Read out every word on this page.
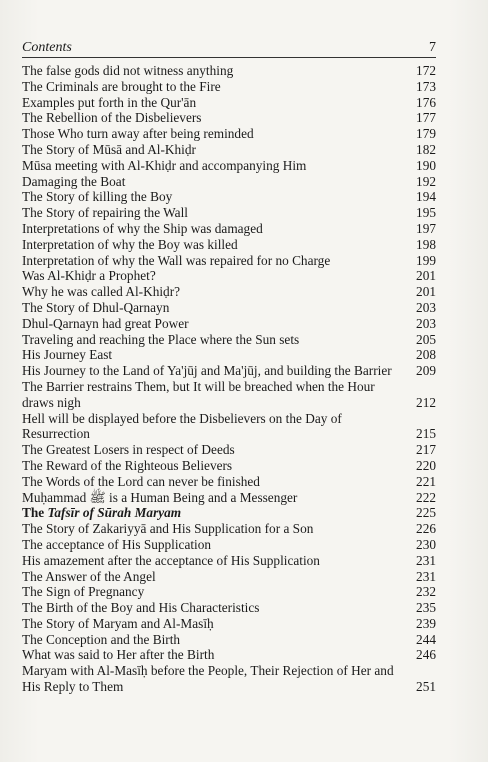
Contents	7
The false gods did not witness anything	172
The Criminals are brought to the Fire	173
Examples put forth in the Qur'ān	176
The Rebellion of the Disbelievers	177
Those Who turn away after being reminded	179
The Story of Mūsā and Al-Khiḍr	182
Mūsa meeting with Al-Khiḍr and accompanying Him	190
Damaging the Boat	192
The Story of killing the Boy	194
The Story of repairing the Wall	195
Interpretations of why the Ship was damaged	197
Interpretation of why the Boy was killed	198
Interpretation of why the Wall was repaired for no Charge	199
Was Al-Khiḍr a Prophet?	201
Why he was called Al-Khiḍr?	201
The Story of Dhul-Qarnayn	203
Dhul-Qarnayn had great Power	203
Traveling and reaching the Place where the Sun sets	205
His Journey East	208
His Journey to the Land of Ya'jūj and Ma'jūj, and building the Barrier	209
The Barrier restrains Them, but It will be breached when the Hour draws nigh	212
Hell will be displayed before the Disbelievers on the Day of Resurrection	215
The Greatest Losers in respect of Deeds	217
The Reward of the Righteous Believers	220
The Words of the Lord can never be finished	221
Muḥammad ﷺ is a Human Being and a Messenger	222
The Tafsīr of Sūrah Maryam	225
The Story of Zakariyyā and His Supplication for a Son	226
The acceptance of His Supplication	230
His amazement after the acceptance of His Supplication	231
The Answer of the Angel	231
The Sign of Pregnancy	232
The Birth of the Boy and His Characteristics	235
The Story of Maryam and Al-Masīḥ	239
The Conception and the Birth	244
What was said to Her after the Birth	246
Maryam with Al-Masīḥ before the People, Their Rejection of Her and His Reply to Them	251
